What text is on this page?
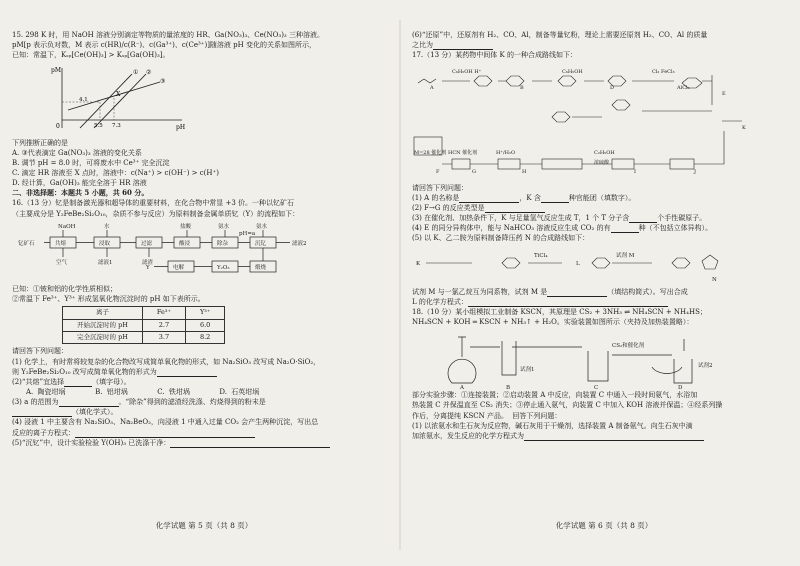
15. 298 K 时，用 NaOH 溶液分别滴定等物质的量浓度的 HR、Ga(NO₃)₃、Ce(NO₃)₃ 三种溶液。

pM[p 表示负对数，M 表示 c(HR)/c(R⁻)、c(Ga³⁺)、c(Ce³⁺)]随溶液 pH 变化的关系如图所示，

已知：常温下，Kₛₚ[Ce(OH)₃] > Kₛₚ[Ga(OH)₃]。

pM
pH
0
4.1
5.5 7.3
① ②
③
X

下列推断正确的是

A. ③代表滴定 Ga(NO₃)₃ 溶液的变化关系

B. 调节 pH = 8.0 时，可将废水中 Ce³⁺ 完全沉淀

C. 滴定 HR 溶液至 X 点时，溶液中：c(Na⁺) > c(OH⁻) > c(H⁺)

D. 经计算，Ga(OH)₃ 能完全溶于 HR 溶液

二、非选择题：本题共 5 小题，共 60 分。

16.（13 分）钇是制备激光器和超导体的重要材料，在化合物中常显 +3 价。一种以钇矿石

（主要成分是 Y₂FeBe₂Si₂O₁₀，杂质不参与反应）为原料制备金属单质钇（Y）的流程如下：

NaOH	水	盐酸	氨水	氨水
钇矿石	共熔	浸取	过滤	酸浸	除杂	沉钇	滤液2
空气	滤液1	滤渣
pH=a
煅烧
Y₂O₃
电解
Y

已知：①铍和铝的化学性质相似；

②常温下 Fe³⁺、Y³⁺ 形成氢氧化物沉淀时的 pH 如下表所示。

离子	Fe³⁺	Y³⁺
开始沉淀时的 pH	2.7	6.0
完全沉淀时的 pH	3.7	8.2

请回答下列问题：

(1) 化学上，有时常将较复杂的化合物改写成简单氧化物的形式，如 Na₂SiO₃ 改写成 Na₂O·SiO₂，

则 Y₂FeBe₂Si₂O₁₀ 改写成简单氧化物的形式为

(2)“共熔”宜选择	（填字母）。

A. 陶瓷坩埚	B. 铝坩埚	C. 铁坩埚	D. 石英坩埚

(3) a 的范围为	。“除杂”得到的滤渣经洗涤、灼烧得到的粉末是

（填化学式）。

(4) 浸液 1 中主要含有 Na₂SiO₃、Na₂BeO₂，向浸液 1 中通入过量 CO₂ 会产生两种沉淀，写出总

反应的离子方程式：

(5)“沉钇”中，设计实验检验 Y(OH)₃ 已洗涤干净：

化学试题 第 5 页（共 8 页）

(6)“还原”中，还原剂有 H₂、CO、Al，制备等量钇粉，理论上需要还原剂 H₂、CO、Al 的质量

之比为

17.（13 分）某药物中间体 K 的一种合成路线如下：

A	B	D
E
K
F	G	H	I	J
C₆H₅OH H⁺	C₆H₅OH	Cl₂ FeCl₃
AlCl₃
HCN 催化剂
M=28 催化剂	H⁺/H₂O	C₂H₅OH
浓硫酸

请回答下列问题：

(1) A 的名称是	，K 含	种官能团（填数字）。

(2) F→G 的反应类型是

(3) 在催化剂、加热条件下，K 与足量氢气反应生成 T，1 个 T 分子含	个手性碳原子。

(4) E 的同分异构体中，能与 NaHCO₃ 溶液反应生成 CO₂ 的有	种（不包括立体异构）。

(5) 以 K、乙二胺为原料制备降压药 N 的合成路线如下：

K	L
TiCl₄	试剂 M
N

试剂 M 与一氯乙烷互为同系物，试剂 M 是	（填结构简式）。写出合成

L 的化学方程式：

18.（10 分）某小组模拟工业制备 KSCN，其原理是 CS₂ + 3NH₃ ⇌ NH₄SCN + NH₄HS；

NH₄SCN + KOH ═ KSCN + NH₃↑ + H₂O。实验装置如图所示（夹持及加热装置略）：

A	B	C	D
试剂1
试剂2
CS₂和催化剂

部分实验步骤：①连接装置；②启动装置 A 中反应，向装置 C 中通入一段时间氨气，水浴加

热装置 C 并保温直至 CS₂ 消失；③停止通入氨气，向装置 C 中加入 KOH 溶液并保温；④经系列操

作后，分离提纯 KSCN 产品。 回答下列问题：

(1) 以浓氨水和生石灰为反应物，碱石灰用于干燥剂，选择装置 A 制备氨气。向生石灰中滴

加浓氨水，发生反应的化学方程式为

化学试题 第 6 页（共 8 页）
